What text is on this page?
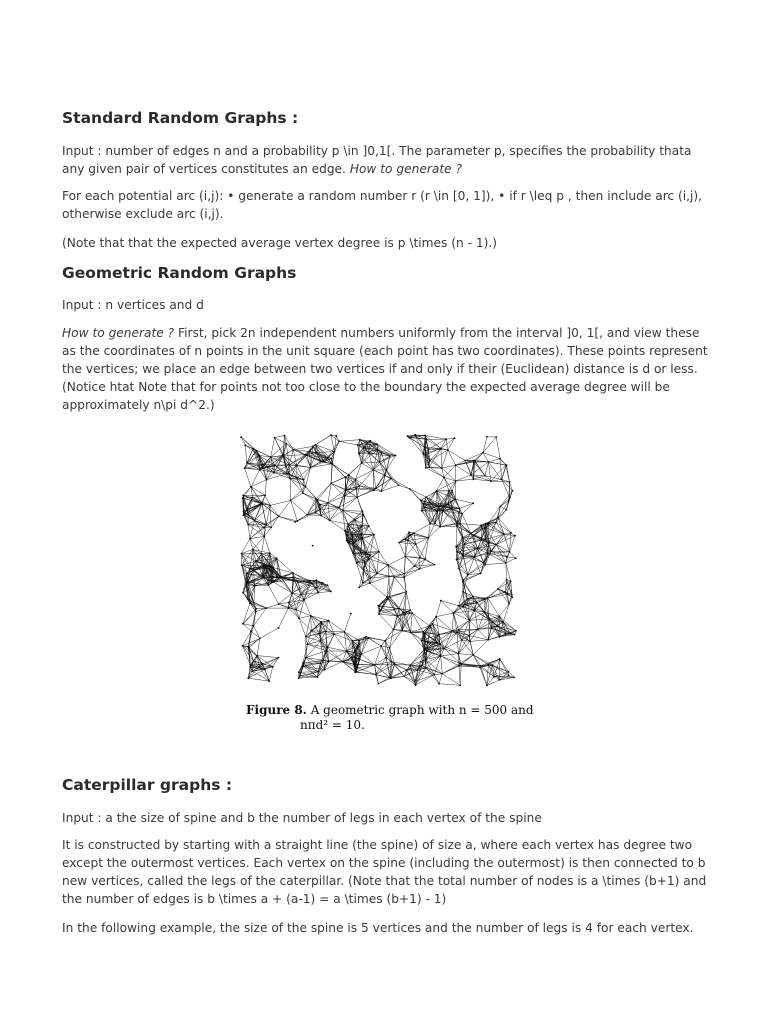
Standard Random Graphs :

Input : number of edges n and a probability p \in ]0,1[. The parameter p, specifies the probability thata any given pair of vertices constitutes an edge. How to generate ?

For each potential arc (i,j): • generate a random number r (r \in [0, 1]), • if r \leq p , then include arc (i,j), otherwise exclude arc (i,j).

(Note that that the expected average vertex degree is p \times (n - 1).)

Geometric Random Graphs

Input : n vertices and d

How to generate ? First, pick 2n independent numbers uniformly from the interval ]0, 1[, and view these as the coordinates of n points in the unit square (each point has two coordinates). These points represent the vertices; we place an edge between two vertices if and only if their (Euclidean) distance is d or less. (Notice htat Note that for points not too close to the boundary the expected average degree will be approximately n\pi d^2.)

Figure 8. A geometric graph with n = 500 and
nπd² = 10.
Caterpillar graphs :

Input : a the size of spine and b the number of legs in each vertex of the spine

It is constructed by starting with a straight line (the spine) of size a, where each vertex has degree two except the outermost vertices. Each vertex on the spine (including the outermost) is then connected to b new vertices, called the legs of the caterpillar. (Note that the total number of nodes is a \times (b+1) and the number of edges is b \times a + (a-1) = a \times (b+1) - 1)

In the following example, the size of the spine is 5 vertices and the number of legs is 4 for each vertex.
